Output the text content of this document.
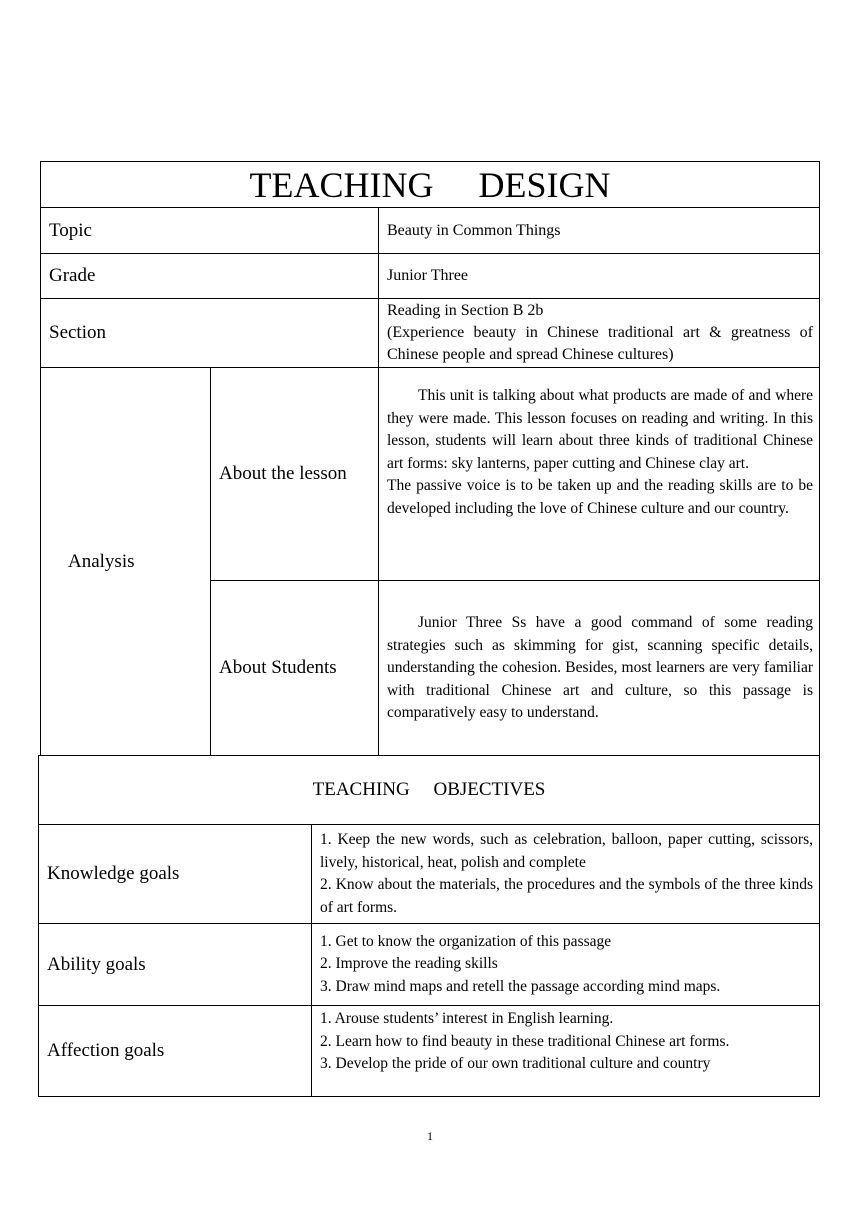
TEACHING     DESIGN
Topic	Beauty in Common Things
Grade	Junior Three
Section
Reading in Section B 2b
(Experience beauty in Chinese traditional art & greatness of Chinese people and spread Chinese cultures)
Analysis
About the lesson
This unit is talking about what products are made of and where they were made. This lesson focuses on reading and writing. In this lesson, students will learn about three kinds of traditional Chinese art forms: sky lanterns, paper cutting and Chinese clay art.
The passive voice is to be taken up and the reading skills are to be developed including the love of Chinese culture and our country.
About Students
Junior Three Ss have a good command of some reading strategies such as skimming for gist, scanning specific details, understanding the cohesion. Besides, most learners are very familiar with traditional Chinese art and culture, so this passage is comparatively easy to understand.
TEACHING     OBJECTIVES
Knowledge goals
1. Keep the new words, such as celebration, balloon, paper cutting, scissors, lively, historical, heat, polish and complete
2. Know about the materials, the procedures and the symbols of the three kinds of art forms.
Ability goals
1. Get to know the organization of this passage
2. Improve the reading skills
3. Draw mind maps and retell the passage according mind maps.
Affection goals
1. Arouse students’ interest in English learning.
2. Learn how to find beauty in these traditional Chinese art forms.
3. Develop the pride of our own traditional culture and country
1
